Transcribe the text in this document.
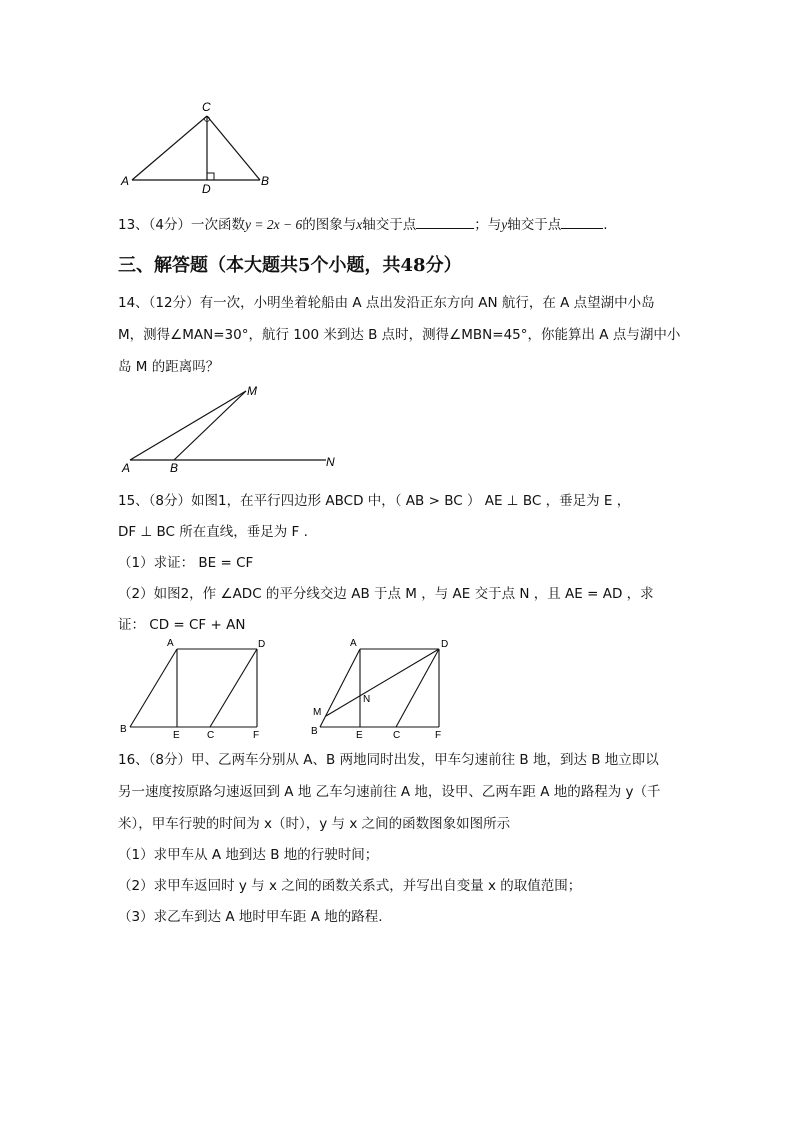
C
A	B
D
13、（4分）一次函数y = 2x − 6的图象与x轴交于点	；与y轴交于点	.
三、解答题（本大题共5个小题，共48分）
14、（12分）有一次，小明坐着轮船由 A 点出发沿正东方向 AN 航行，在 A 点望湖中小岛
M，测得∠MAN=30°，航行 100 米到达 B 点时，测得∠MBN=45°，你能算出 A 点与湖中小
岛 M 的距离吗？
M
A	B	N
15、（8分）如图1，在平行四边形 ABCD 中，（ AB > BC ） AE ⊥ BC ，垂足为 E ，
DF ⊥ BC 所在直线，垂足为 F .
（1）求证： BE = CF
（2）如图2，作 ∠ADC 的平分线交边 AB 于点 M ，与 AE 交于点 N ，且 AE = AD ，求
证： CD = CF + AN
A	D
B
E	C	F
A	D
M
N
B	E	C	F
16、（8分）甲、乙两车分别从 A、B 两地同时出发，甲车匀速前往 B 地，到达 B 地立即以
另一速度按原路匀速返回到 A 地 乙车匀速前往 A 地，设甲、乙两车距 A 地的路程为 y（千
米），甲车行驶的时间为 x（时），y 与 x 之间的函数图象如图所示
（1）求甲车从 A 地到达 B 地的行驶时间；
（2）求甲车返回时 y 与 x 之间的函数关系式，并写出自变量 x 的取值范围；
（3）求乙车到达 A 地时甲车距 A 地的路程.
